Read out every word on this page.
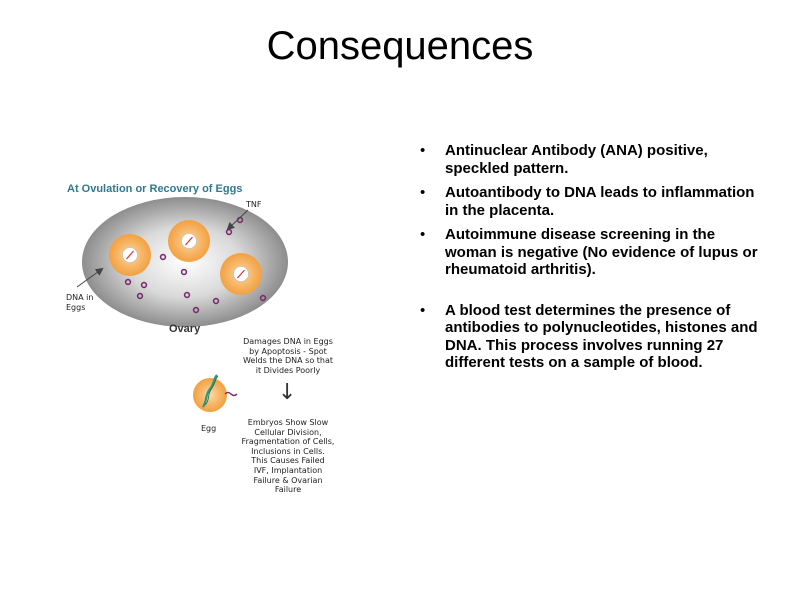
Consequences
At Ovulation or Recovery of Eggs
TNF
DNA in
Eggs
Ovary
Damages DNA in Eggs
by Apoptosis - Spot
Welds the DNA so that
it Divides Poorly
↓
Egg
Embryos Show Slow
Cellular Division,
Fragmentation of Cells,
Inclusions in Cells.
This Causes Failed
IVF, Implantation
Failure & Ovarian
Failure
• Antinuclear Antibody (ANA) positive, speckled pattern.
• Autoantibody to DNA leads to inflammation in the placenta.
• Autoimmune disease screening in the woman is negative (No evidence of lupus or rheumatoid arthritis).
• A blood test determines the presence of antibodies to polynucleotides, histones and DNA. This process involves running 27 different tests on a sample of blood.
